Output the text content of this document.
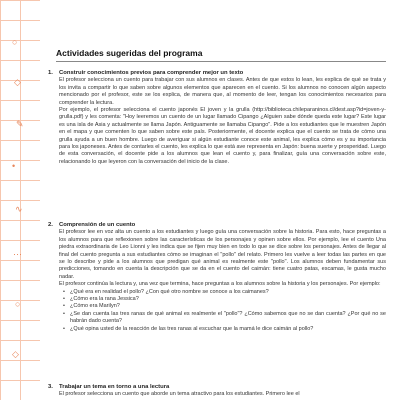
○
◇
✎
•
∿
⋯
○
◇
Actividades sugeridas del programa
1. Construir conocimientos previos para comprender mejor un texto

El profesor selecciona un cuento para trabajar con sus alumnos en clases. Antes de que estos lo lean, les explica de qué se trata y los invita a compartir lo que saben sobre algunos elementos que aparecen en el cuento. Si los alumnos no conocen algún aspecto mencionado por el profesor, este se los explica, de manera que, al momento de leer, tengan los conocimientos necesarios para comprender la lectura.

Por ejemplo, el profesor selecciona el cuento japonés El joven y la grulla (http://biblioteca.chileparaninos.cl/dest.asp?id=joven-y-grulla.pdf) y les comenta: "Hoy leeremos un cuento de un lugar llamado Cipango ¿Alguien sabe dónde queda este lugar? Este lugar es una isla de Asia y actualmente se llama Japón. Antiguamente se llamaba Cipango". Pide a los estudiantes que le muestren Japón en el mapa y que comenten lo que saben sobre este país. Posteriormente, el docente explica que el cuento se trata de cómo una grulla ayuda a un buen hombre. Luego de averiguar si algún estudiante conoce este animal, les explica cómo es y su importancia para los japoneses. Antes de contarles el cuento, les explica lo que está ave representa en Japón: buena suerte y prosperidad. Luego de esta conversación, el docente pide a los alumnos que lean el cuento y, para finalizar, guía una conversación sobre este, relacionando lo que leyeron con la conversación del inicio de la clase.

2. Comprensión de un cuento

El profesor lee en voz alta un cuento a los estudiantes y luego guía una conversación sobre la historia. Para esto, hace preguntas a los alumnos para que reflexionen sobre las características de los personajes y opinen sobre ellos. Por ejemplo, lee el cuento Una piedra extraordinaria de Leo Lionni y les indica que se fijen muy bien en todo lo que se dice sobre los personajes. Antes de llegar al final del cuento pregunta a sus estudiantes cómo se imaginan el "pollo" del relato. Primero les vuelve a leer todas las partes en que se lo describe y pide a los alumnos que predigan qué animal es realmente este "pollo". Los alumnos deben fundamentar sus predicciones, tomando en cuenta la descripción que se da en el cuento del caimán: tiene cuatro patas, escamas, le gusta mucho nadar.

El profesor continúa la lectura y, una vez que termina, hace preguntas a los alumnos sobre la historia y los personajes. Por ejemplo:

• ¿Qué era en realidad el pollo? ¿Con qué otro nombre se conoce a los caimanes?
• ¿Cómo era la rana Jessica?
• ¿Cómo era Marilyn?
• ¿Se dan cuenta las tres ranas de qué animal es realmente el "pollo"? ¿Cómo sabemos que no se dan cuenta? ¿Por qué no se habrán dado cuenta?
• ¿Qué opina usted de la reacción de las tres ranas al escuchar que la mamá le dice caimán al pollo?
3. Trabajar un tema en torno a una lectura

El profesor selecciona un cuento que aborde un tema atractivo para los estudiantes. Primero lee el
